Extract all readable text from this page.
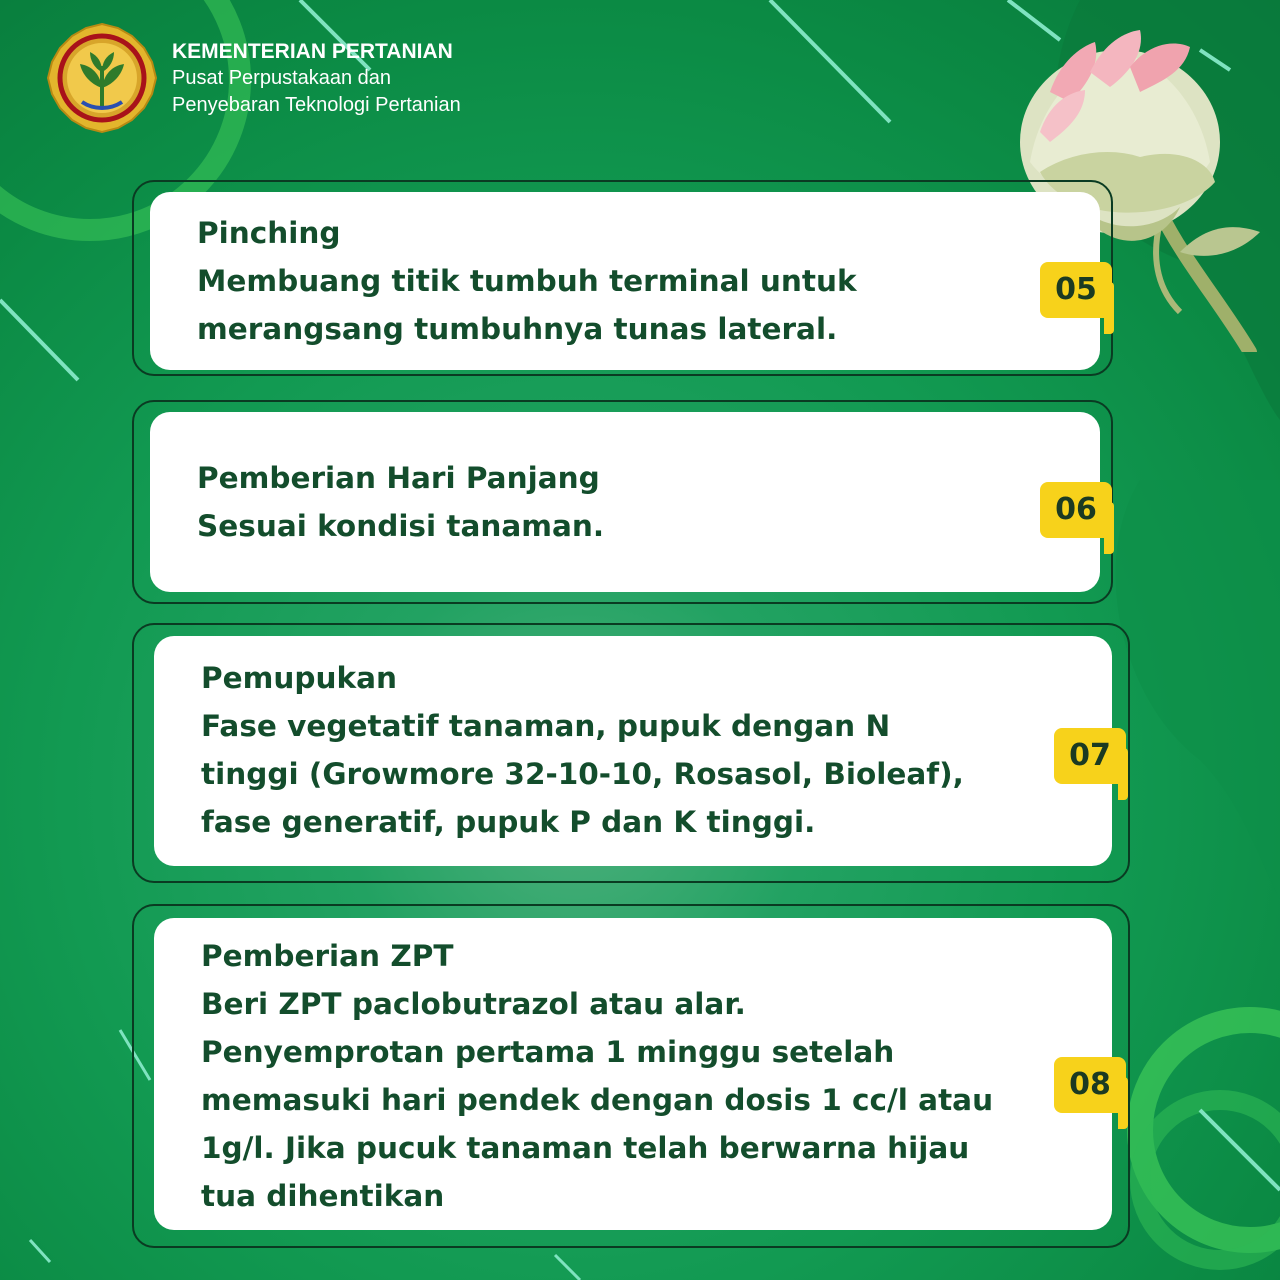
KEMENTERIAN PERTANIAN
Pusat Perpustakaan dan
Penyebaran Teknologi Pertanian
Pinching
Membuang titik tumbuh terminal untuk
merangsang tumbuhnya tunas lateral.
05
Pemberian Hari Panjang
Sesuai kondisi tanaman.	06
Pemupukan
Fase vegetatif tanaman, pupuk dengan N
tinggi (Growmore 32-10-10, Rosasol, Bioleaf),
fase generatif, pupuk P dan K tinggi.
07
Pemberian ZPT
Beri ZPT paclobutrazol atau alar.
Penyemprotan pertama 1 minggu setelah
memasuki hari pendek dengan dosis 1 cc/l atau
1g/l. Jika pucuk tanaman telah berwarna hijau
tua dihentikan
08
